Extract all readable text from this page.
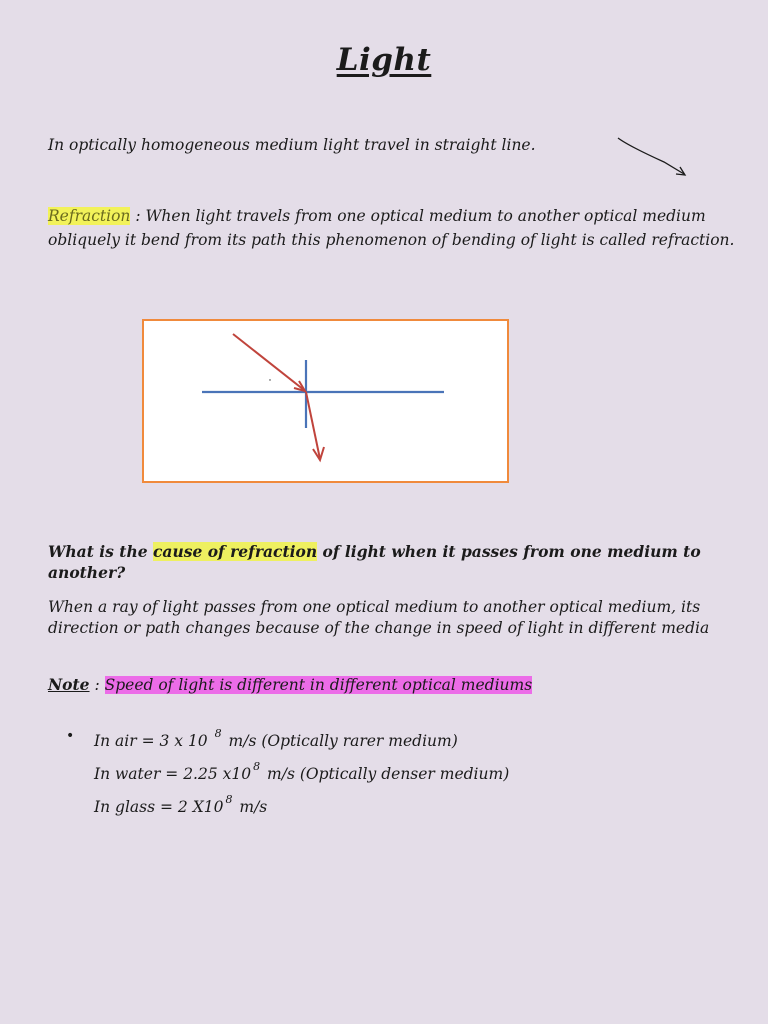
Light
In optically homogeneous medium light travel in straight line.
Refraction : When light travels from one optical medium to another optical medium obliquely it bend from its path this phenomenon of bending of light is called refraction.
What is the cause of refraction of light when it passes from one medium to another?
When a ray of light passes from one optical medium to another optical medium, its direction or path changes because of the change in speed of light in different media
Note : Speed of light is different in different optical mediums
• In air = 3 x 10 $^8$ m/s (Optically rarer medium)
In water = 2.25 x10 $^8$ m/s (Optically denser medium)
In glass = 2 X10 $^8$ m/s
